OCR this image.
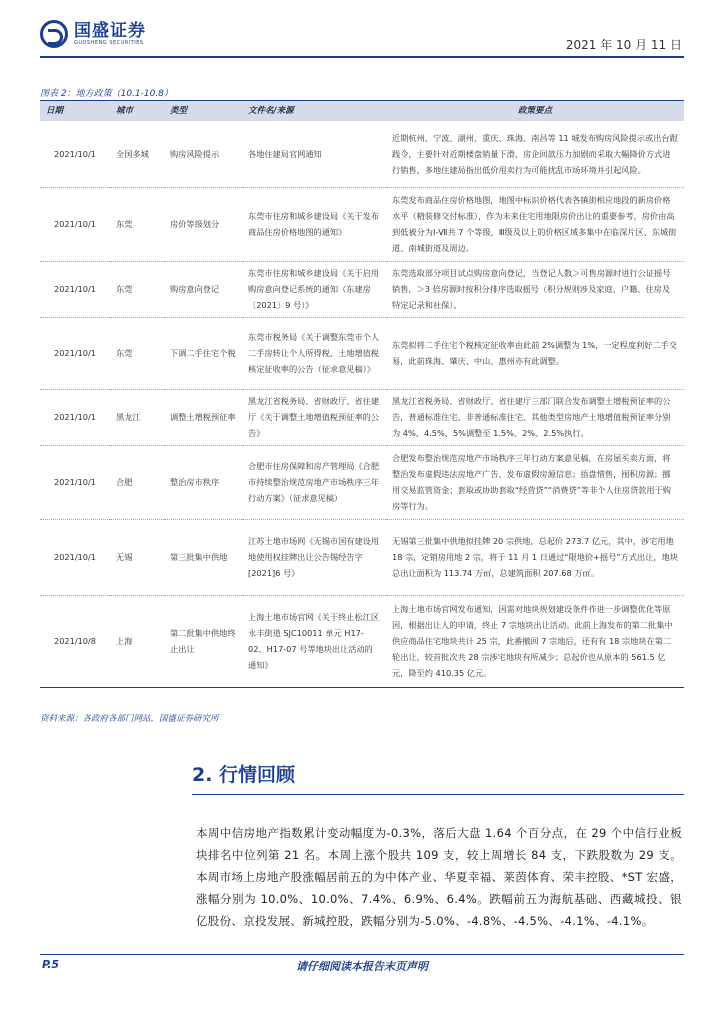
国盛证券
GUOSHENG SECURITIES	2021 年 10 月 11 日
图表 2：地方政策（10.1-10.8）
日期	城市	类型	文件名/来源	政策要点
2021/10/1	全国多城	购房风险提示	各地住建局官网通知	近期杭州、宁波、湖州、重庆、珠海、南昌等 11 城发布购房风险提示或出台跟践令，主要针对近期楼盘销量下滑、房企回款压力加剧而采取大幅降价方式进行销售，多地住建局指出低价甩卖行为可能扰乱市场环境并引起风险。
2021/10/1	东莞	房价等级划分	东莞市住房和城乡建设局《关于发布商品住房价格地图的通知》	东莞发布商品住房价格地图，地图中标识价格代表各镇街相应地段的新房价格水平（精装修交付标准），作为未来住宅用地限房价出让的重要参考，房价由高到低被分为Ⅰ-Ⅶ共 7 个等级，Ⅲ级及以上的价格区域多集中在临深片区、东城街道、南城街道及周边。
2021/10/1	东莞	购房意向登记	东莞市住房和城乡建设局《关于启用购房意向登记系统的通知（东建房〔2021〕9 号）》	东莞选取部分项目试点购房意向登记，当登记人数＞可售房源时进行公证摇号销售，＞3 倍房源时按积分排序选取摇号（积分规则涉及家庭、户籍、住房及特定记录和社保）。
2021/10/1	东莞	下调二手住宅个税	东莞市税务局《关于调整东莞市个人二手房转让个人所得税、土地增值税核定征收率的公告（征求意见稿）》	东莞拟将二手住宅个税核定征收率由此前 2%调整为 1%，一定程度利好二手交易，此前珠海、肇庆、中山、惠州亦有此调整。
2021/10/1	黑龙江	调整土增税预征率	黑龙江省税务局、省财政厅、省住建厅《关于调整土地增值税预征率的公告》	黑龙江省税务局、省财政厅、省住建厅三部门联合发布调整土增税预征率的公告，普通标准住宅、非普通标准住宅、其他类型房地产土地增值税预征率分别为 4%、4.5%、5%调整至 1.5%、2%、2.5%执行。
2021/10/1	合肥	整治房市秩序	合肥市住房保障和房产管理局《合肥市持续整治规范房地产市场秩序三年行动方案》（征求意见稿）	合肥发布整治规范房地产市场秩序三年行动方案意见稿，在房屋买卖方面，将整治发布虚假违法房地产广告、发布虚假房源信息；捂盘惜售，囤积房源；挪用交易监管资金；套取或协助套取“经营贷”“消费贷”等非个人住房贷款用于购房等行为。
2021/10/1	无锡	第三批集中供地	江苏土地市场网《无锡市国有建设用地使用权挂牌出让公告锡经告字[2021]6 号》	无锡第三批集中供地拟挂牌 20 宗供地，总起价 273.7 亿元，其中，涉宅用地 18 宗，定销房用地 2 宗，将于 11 月 1 日通过“限地价+摇号”方式出让，地块总出让面积为 113.74 万㎡，总建筑面积 207.68 万㎡。
2021/10/8	上海	第二批集中供地终止出让	上海土地市场官网《关于终止松江区永丰街道 SJC10011 单元 H17-02、H17-07 号等地块出让活动的通知》	上海土地市场官网发布通知，因需对地块规划建设条件作进一步调整优化等原因，根据出让人的申请，终止 7 宗地块出让活动。此前上海发布的第二批集中供应商品住宅地块共计 25 宗，此番撤回 7 宗地后，还有有 18 宗地块在第二轮出让，较首批次共 28 宗涉宅地块有所减少；总起价也从原本的 561.5 亿元，降至约 410.35 亿元。
资料来源：各政府各部门网站，国盛证券研究所
2. 行情回顾
本周中信房地产指数累计变动幅度为-0.3%，落后大盘 1.64 个百分点，在 29 个中信行业板块排名中位列第 21 名。本周上涨个股共 109 支，较上周增长 84 支，下跌股数为 29 支。本周市场上房地产股涨幅居前五的为中体产业、华夏幸福、莱茵体育、荣丰控股、*ST 宏盛，涨幅分别为 10.0%、10.0%、7.4%、6.9%、6.4%。跌幅前五为海航基础、西藏城投、银亿股份、京投发展、新城控股，跌幅分别为-5.0%、-4.8%、-4.5%、-4.1%、-4.1%。
请仔细阅读本报告末页声明
P.5
